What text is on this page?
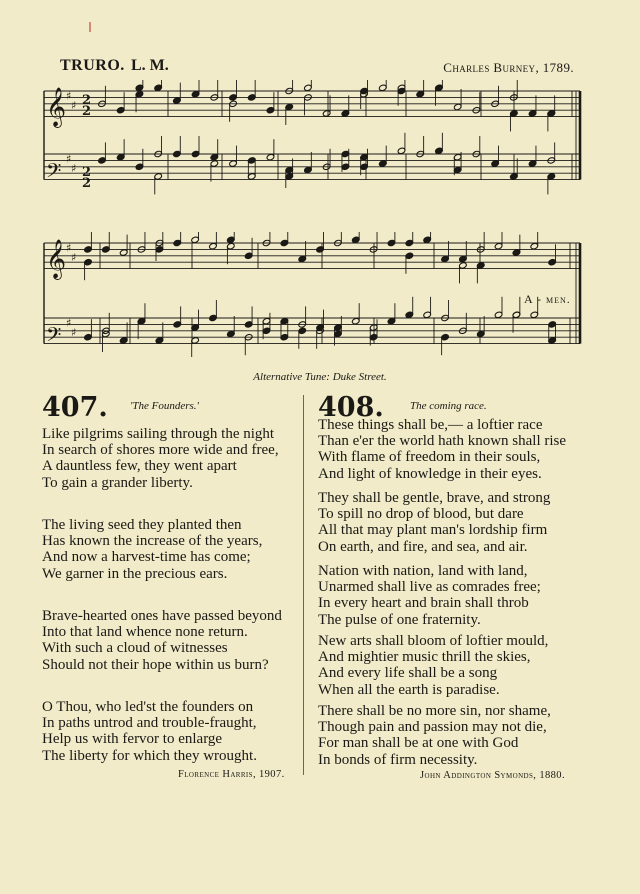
TRURO. L. M.	Charles Burney, 1789.
2
2
2
2
𝄞 ♯
♯
𝄢
♯
♯
𝄞 ♯
♯
𝄢
♯
♯
A - men.
Alternative Tune: Duke Street.
407. 'The Founders.'
Like pilgrims sailing through the night
In search of shores more wide and free,
A dauntless few, they went apart
To gain a grander liberty.
The living seed they planted then
Has known the increase of the years,
And now a harvest-time has come;
We garner in the precious ears.
Brave-hearted ones have passed beyond
Into that land whence none return.
With such a cloud of witnesses
Should not their hope within us burn?
O Thou, who led'st the founders on
In paths untrod and trouble-fraught,
Help us with fervor to enlarge
The liberty for which they wrought.
Florence Harris, 1907.
408. The coming race.
These things shall be,— a loftier race
Than e'er the world hath known shall rise
With flame of freedom in their souls,
And light of knowledge in their eyes.
They shall be gentle, brave, and strong
To spill no drop of blood, but dare
All that may plant man's lordship firm
On earth, and fire, and sea, and air.
Nation with nation, land with land,
Unarmed shall live as comrades free;
In every heart and brain shall throb
The pulse of one fraternity.
New arts shall bloom of loftier mould,
And mightier music thrill the skies,
And every life shall be a song
When all the earth is paradise.
There shall be no more sin, nor shame,
Though pain and passion may not die,
For man shall be at one with God
In bonds of firm necessity.
John Addington Symonds, 1880.
